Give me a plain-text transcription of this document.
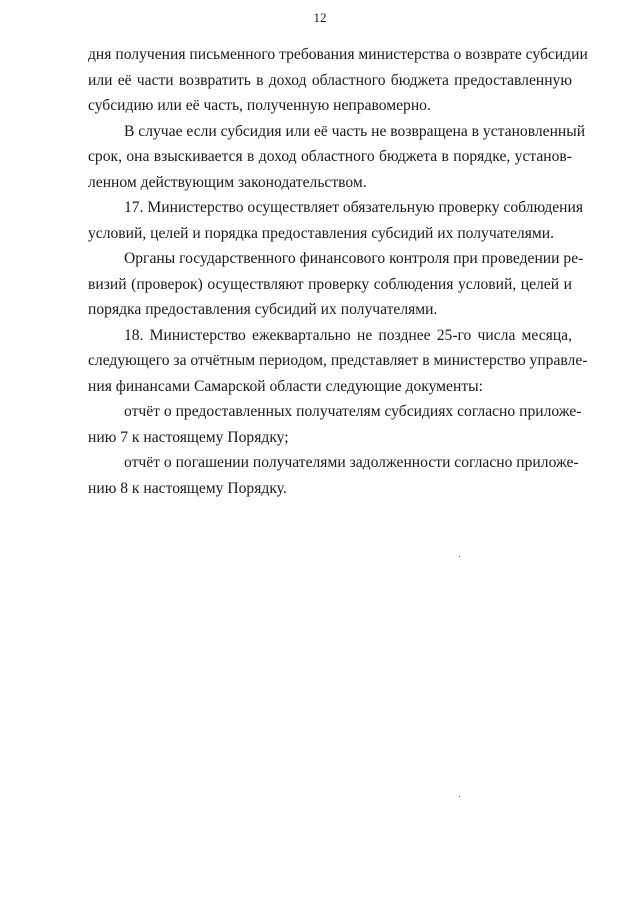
12

дня получения письменного требования министерства о возврате субсидии
или её части возвратить в доход областного бюджета предоставленную
субсидию или её часть, полученную неправомерно.

В случае если субсидия или её часть не возвращена в установленный
срок, она взыскивается в доход областного бюджета в порядке, установ-
ленном действующим законодательством.

17. Министерство осуществляет обязательную проверку соблюдения
условий, целей и порядка предоставления субсидий их получателями.

Органы государственного финансового контроля при проведении ре-
визий (проверок) осуществляют проверку соблюдения условий, целей и
порядка предоставления субсидий их получателями.

18. Министерство ежеквартально не позднее 25-го числа месяца,
следующего за отчётным периодом, представляет в министерство управле-
ния финансами Самарской области следующие документы:

отчёт о предоставленных получателям субсидиях согласно приложе-
нию 7 к настоящему Порядку;

отчёт о погашении получателями задолженности согласно приложе-
нию 8 к настоящему Порядку.
